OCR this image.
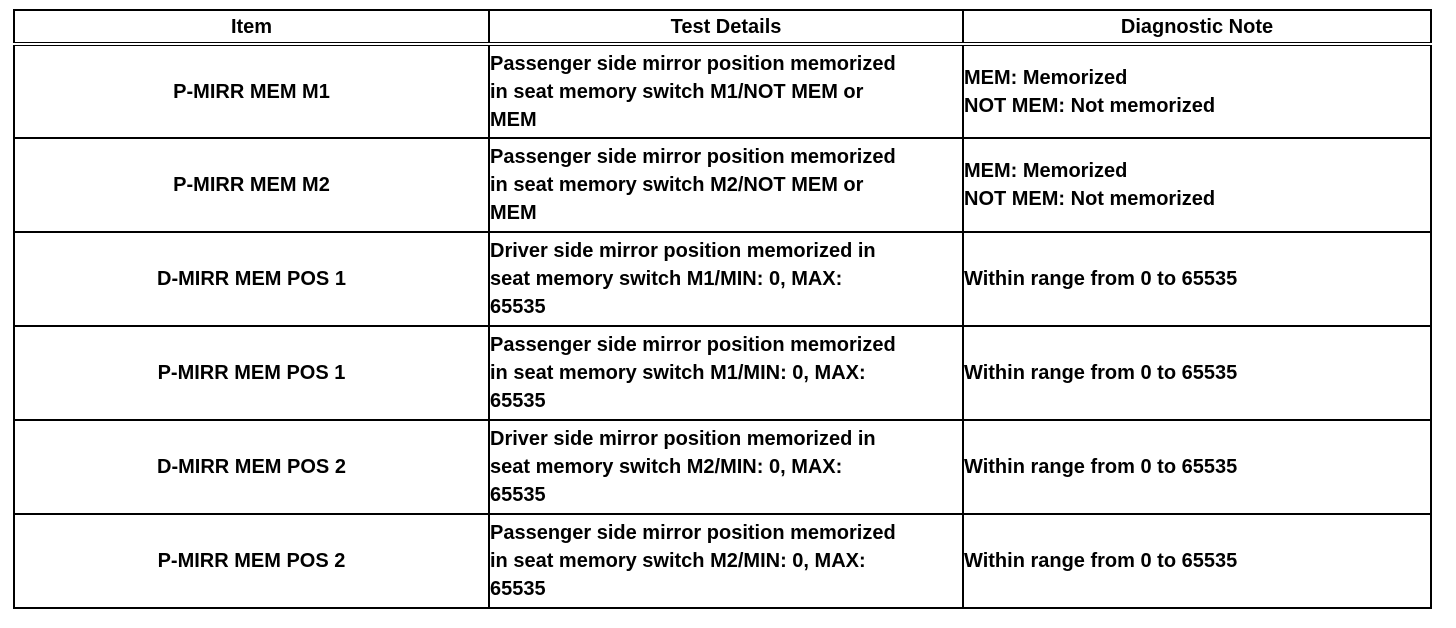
Item	Test Details	Diagnostic Note
P-MIRR MEM M1	Passenger side mirror position memorized
in seat memory switch M1/NOT MEM or
MEM	MEM: Memorized
NOT MEM: Not memorized

P-MIRR MEM M2	Passenger side mirror position memorized
in seat memory switch M2/NOT MEM or
MEM	MEM: Memorized
NOT MEM: Not memorized

D-MIRR MEM POS 1	Driver side mirror position memorized in
seat memory switch M1/MIN: 0, MAX:
65535	Within range from 0 to 65535

P-MIRR MEM POS 1	Passenger side mirror position memorized
in seat memory switch M1/MIN: 0, MAX:
65535	Within range from 0 to 65535

D-MIRR MEM POS 2	Driver side mirror position memorized in
seat memory switch M2/MIN: 0, MAX:
65535	Within range from 0 to 65535

P-MIRR MEM POS 2	Passenger side mirror position memorized
in seat memory switch M2/MIN: 0, MAX:
65535	Within range from 0 to 65535
